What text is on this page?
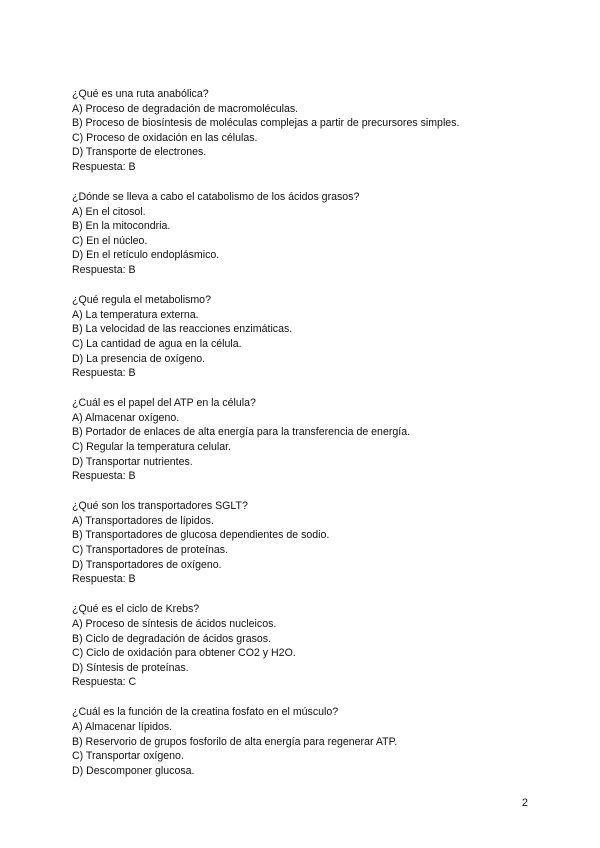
¿Qué es una ruta anabólica?
A) Proceso de degradación de macromoléculas.
B) Proceso de biosíntesis de moléculas complejas a partir de precursores simples.
C) Proceso de oxidación en las células.
D) Transporte de electrones.
Respuesta: B
¿Dónde se lleva a cabo el catabolismo de los ácidos grasos?
A) En el citosol.
B) En la mitocondria.
C) En el núcleo.
D) En el retículo endoplásmico.
Respuesta: B
¿Qué regula el metabolismo?
A) La temperatura externa.
B) La velocidad de las reacciones enzimáticas.
C) La cantidad de agua en la célula.
D) La presencia de oxígeno.
Respuesta: B
¿Cuál es el papel del ATP en la célula?
A) Almacenar oxígeno.
B) Portador de enlaces de alta energía para la transferencia de energía.
C) Regular la temperatura celular.
D) Transportar nutrientes.
Respuesta: B
¿Qué son los transportadores SGLT?
A) Transportadores de lípidos.
B) Transportadores de glucosa dependientes de sodio.
C) Transportadores de proteínas.
D) Transportadores de oxígeno.
Respuesta: B
¿Qué es el ciclo de Krebs?
A) Proceso de síntesis de ácidos nucleicos.
B) Ciclo de degradación de ácidos grasos.
C) Ciclo de oxidación para obtener CO2 y H2O.
D) Síntesis de proteínas.
Respuesta: C
¿Cuál es la función de la creatina fosfato en el músculo?
A) Almacenar lípidos.
B) Reservorio de grupos fosforilo de alta energía para regenerar ATP.
C) Transportar oxígeno.
D) Descomponer glucosa.
2
